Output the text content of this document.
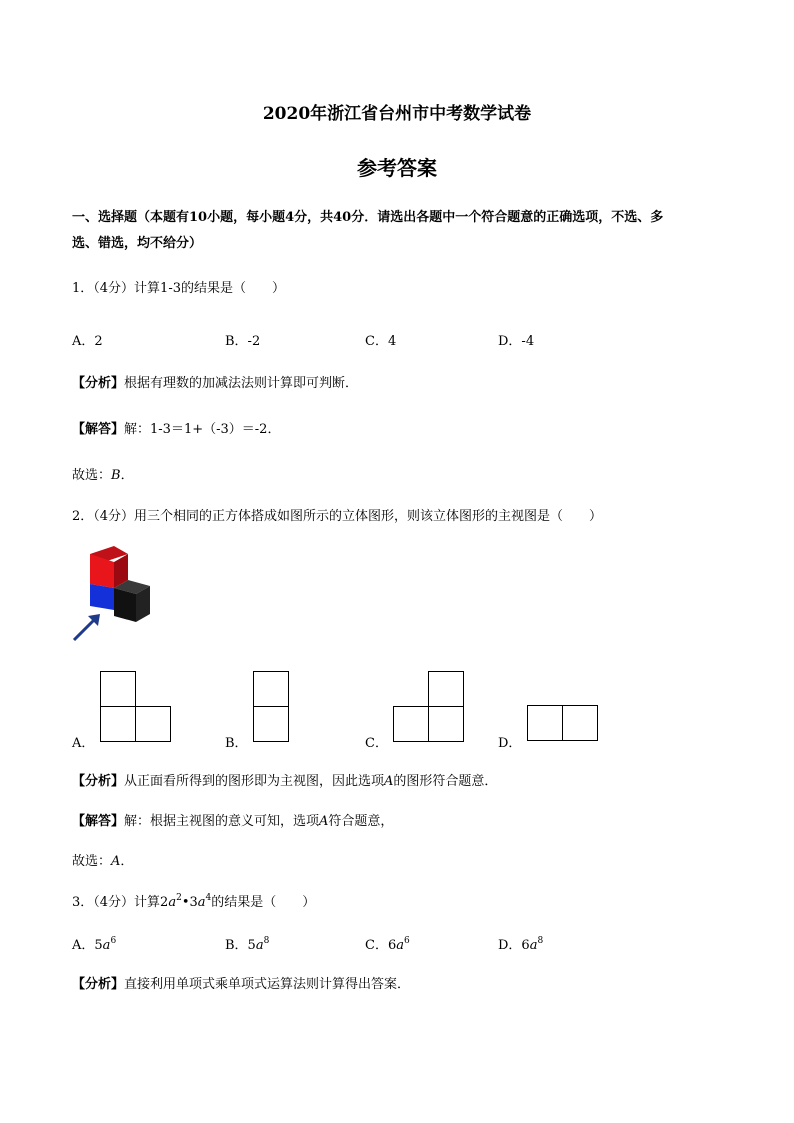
2020年浙江省台州市中考数学试卷
参考答案
一、选择题（本题有10小题，每小题4分，共40分．请选出各题中一个符合题意的正确选项，不选、多
选、错选，均不给分）
1．（4分）计算1-3的结果是（　　）
A．2	B．-2	C．4	D．-4
【分析】根据有理数的加减法法则计算即可判断．
【解答】解：1-3＝1+（-3）＝-2．
故选：B．
2．（4分）用三个相同的正方体搭成如图所示的立体图形，则该立体图形的主视图是（　　）
A．	B．	C．	D．
【分析】从正面看所得到的图形即为主视图，因此选项A的图形符合题意．
【解答】解：根据主视图的意义可知，选项A符合题意，
故选：A．
3．（4分）计算$2a^2•3a^4$的结果是（　　）
A．$5a^6$	B．$5a^8$	C．$6a^6$	D．$6a^8$
【分析】直接利用单项式乘单项式运算法则计算得出答案．
